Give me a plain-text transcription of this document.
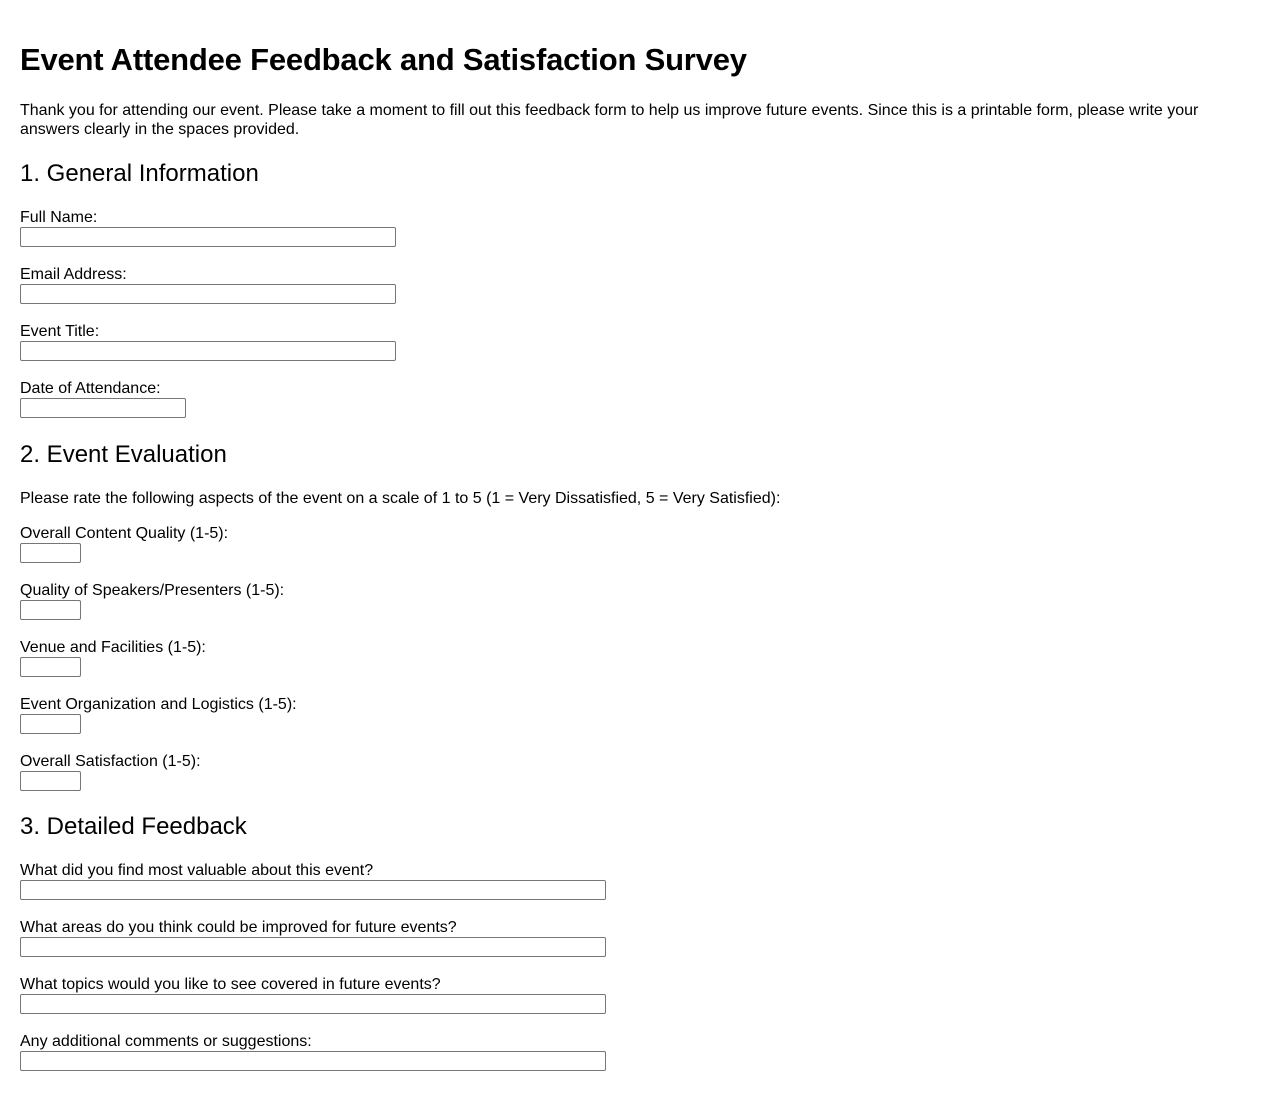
Event Attendee Feedback and Satisfaction Survey

Thank you for attending our event. Please take a moment to fill out this feedback form to help us improve future events. Since this is a printable form, please write your answers clearly in the spaces provided.

1. General Information
Full Name:
Email Address:
Event Title:
Date of Attendance:
2. Event Evaluation

Please rate the following aspects of the event on a scale of 1 to 5 (1 = Very Dissatisfied, 5 = Very Satisfied):

Overall Content Quality (1-5):
Quality of Speakers/Presenters (1-5):
Venue and Facilities (1-5):
Event Organization and Logistics (1-5):
Overall Satisfaction (1-5):
3. Detailed Feedback
What did you find most valuable about this event?
What areas do you think could be improved for future events?
What topics would you like to see covered in future events?
Any additional comments or suggestions:
